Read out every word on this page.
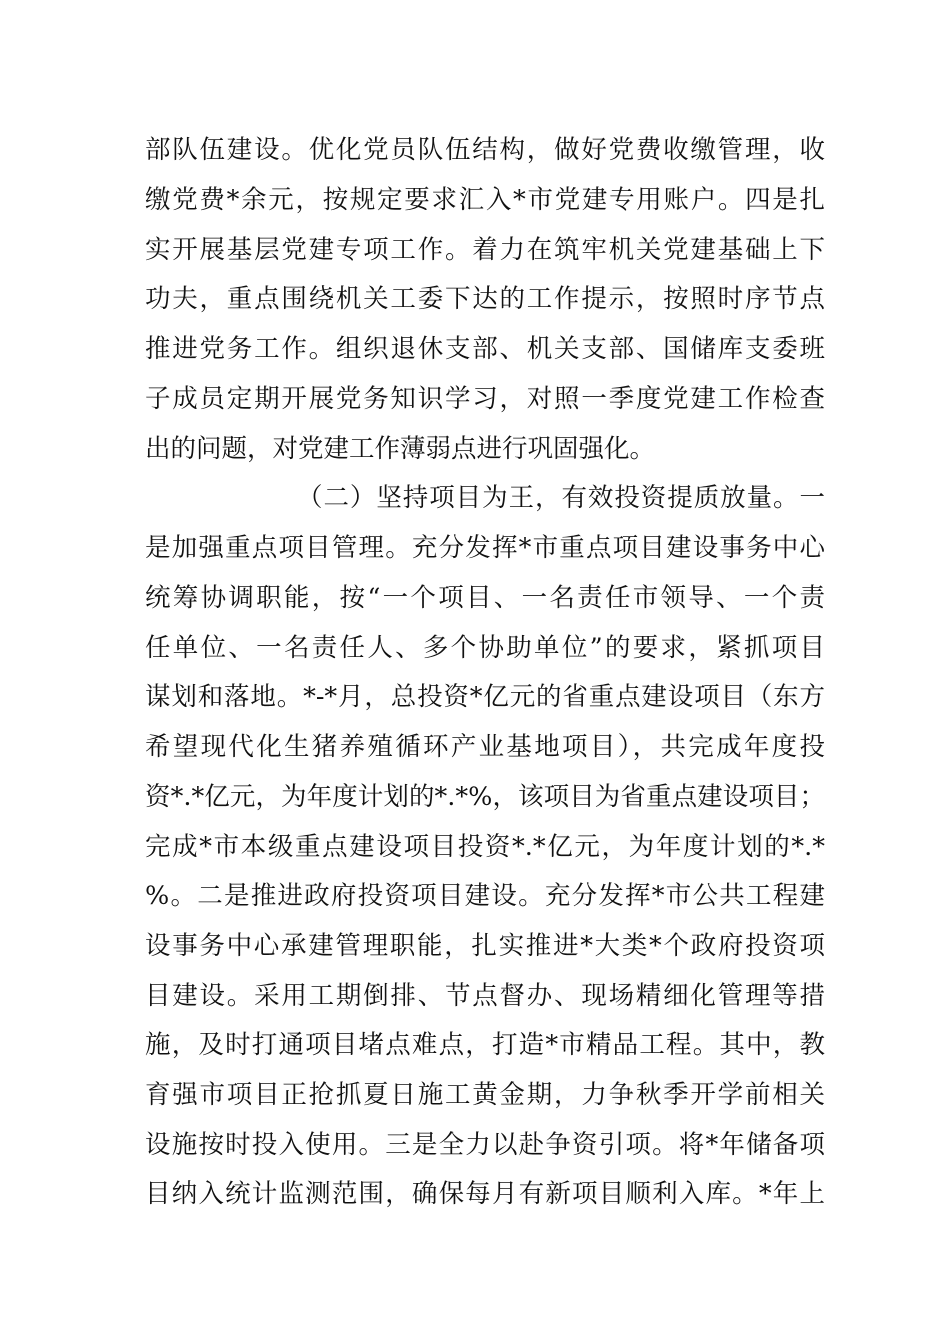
部队伍建设。优化党员队伍结构，做好党费收缴管理，收
缴党费*余元，按规定要求汇入*市党建专用账户。四是扎
实开展基层党建专项工作。着力在筑牢机关党建基础上下
功夫，重点围绕机关工委下达的工作提示，按照时序节点
推进党务工作。组织退休支部、机关支部、国储库支委班
子成员定期开展党务知识学习，对照一季度党建工作检查
出的问题，对党建工作薄弱点进行巩固强化。
（二）坚持项目为王，有效投资提质放量。一
是加强重点项目管理。充分发挥*市重点项目建设事务中心
统筹协调职能，按“一个项目、一名责任市领导、一个责
任单位、一名责任人、多个协助单位”的要求，紧抓项目
谋划和落地。*-*月，总投资*亿元的省重点建设项目（东方
希望现代化生猪养殖循环产业基地项目），共完成年度投
资*.*亿元，为年度计划的*.*%，该项目为省重点建设项目；
完成*市本级重点建设项目投资*.*亿元，为年度计划的*.*
%。二是推进政府投资项目建设。充分发挥*市公共工程建
设事务中心承建管理职能，扎实推进*大类*个政府投资项
目建设。采用工期倒排、节点督办、现场精细化管理等措
施，及时打通项目堵点难点，打造*市精品工程。其中，教
育强市项目正抢抓夏日施工黄金期，力争秋季开学前相关
设施按时投入使用。三是全力以赴争资引项。将*年储备项
目纳入统计监测范围，确保每月有新项目顺利入库。*年上
